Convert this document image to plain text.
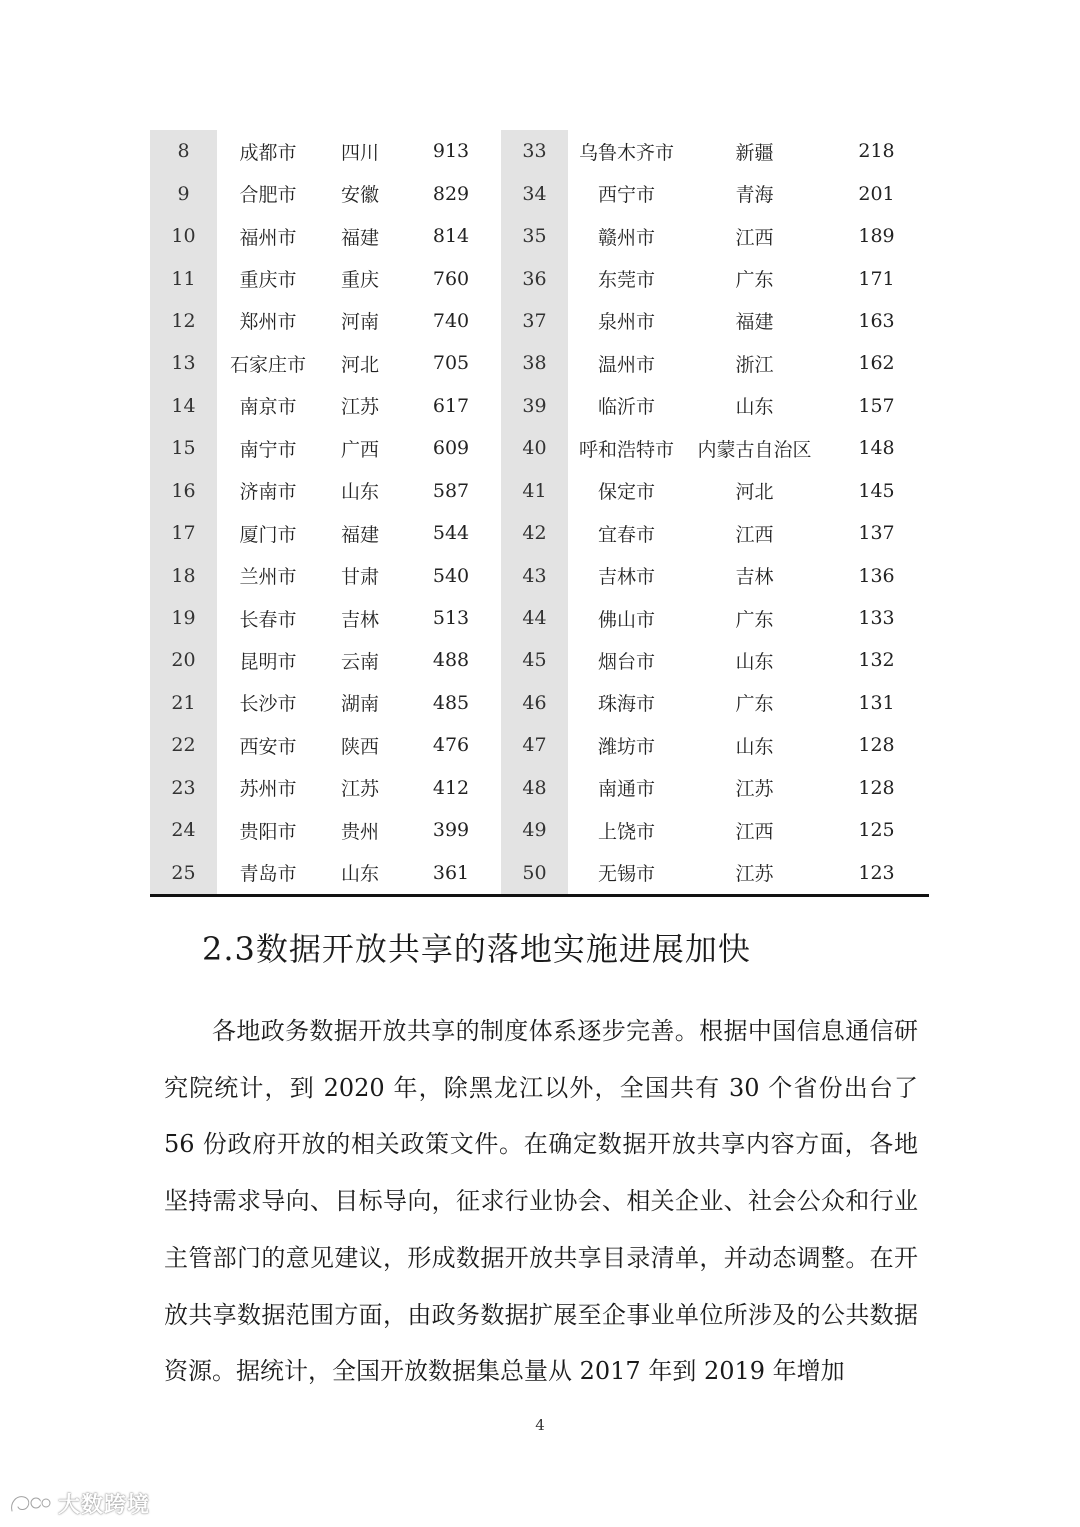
8	成都市	四川	913		33	乌鲁木齐市	新疆	218
9	合肥市	安徽	829		34	西宁市	青海	201
10	福州市	福建	814		35	赣州市	江西	189
11	重庆市	重庆	760		36	东莞市	广东	171
12	郑州市	河南	740		37	泉州市	福建	163
13	石家庄市	河北	705		38	温州市	浙江	162
14	南京市	江苏	617		39	临沂市	山东	157
15	南宁市	广西	609		40	呼和浩特市	内蒙古自治区	148
16	济南市	山东	587		41	保定市	河北	145
17	厦门市	福建	544		42	宜春市	江西	137
18	兰州市	甘肃	540		43	吉林市	吉林	136
19	长春市	吉林	513		44	佛山市	广东	133
20	昆明市	云南	488		45	烟台市	山东	132
21	长沙市	湖南	485		46	珠海市	广东	131
22	西安市	陕西	476		47	潍坊市	山东	128
23	苏州市	江苏	412		48	南通市	江苏	128
24	贵阳市	贵州	399		49	上饶市	江西	125
25	青岛市	山东	361		50	无锡市	江苏	123
2.3数据开放共享的落地实施进展加快

各地政务数据开放共享的制度体系逐步完善。根据中国信息通信研究院统计，到 2020 年，除黑龙江以外，全国共有 30 个省份出台了 56 份政府开放的相关政策文件。在确定数据开放共享内容方面，各地坚持需求导向、目标导向，征求行业协会、相关企业、社会公众和行业主管部门的意见建议，形成数据开放共享目录清单，并动态调整。在开放共享数据范围方面，由政务数据扩展至企事业单位所涉及的公共数据资源。据统计，全国开放数据集总量从 2017 年到 2019 年增加

4
大数跨境
